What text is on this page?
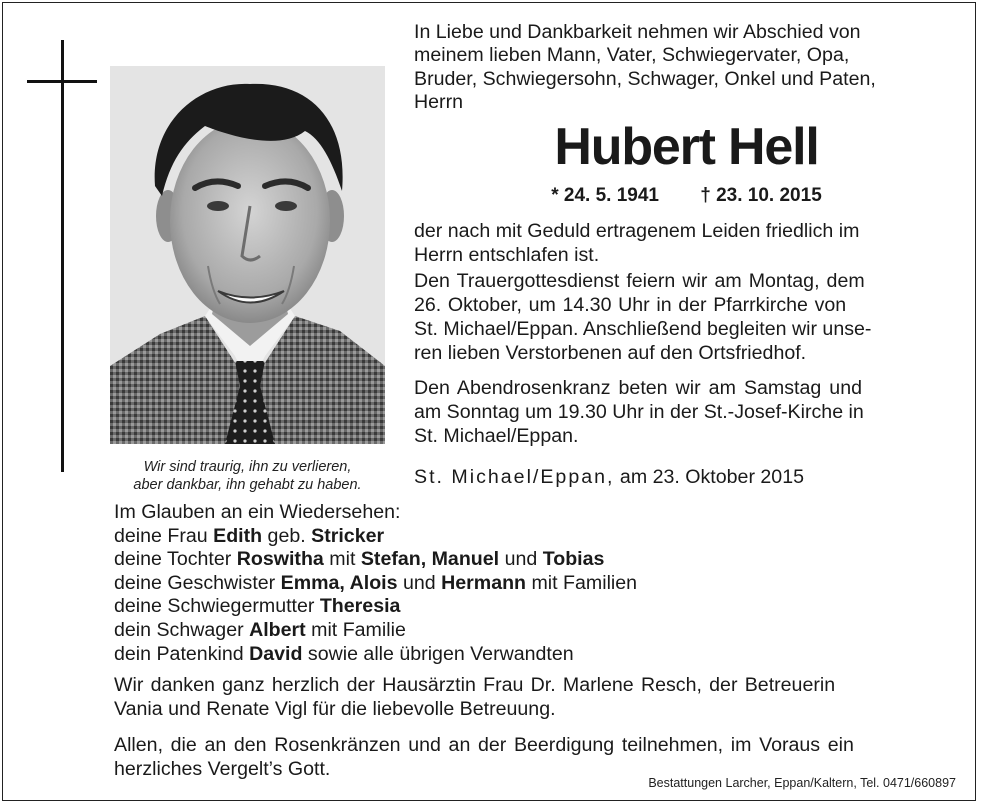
Wir sind traurig, ihn zu verlieren,
aber dankbar, ihn gehabt zu haben.
In Liebe und Dankbarkeit nehmen wir Abschied von
meinem lieben Mann, Vater, Schwiegervater, Opa,
Bruder, Schwiegersohn, Schwager, Onkel und Paten,
Herrn
Hubert Hell
* 24. 5. 1941 † 23. 10. 2015
der nach mit Geduld ertragenem Leiden friedlich im
Herrn entschlafen ist.
Den Trauergottesdienst feiern wir am Montag, dem
26. Oktober, um 14.30 Uhr in der Pfarrkirche von
St. Michael/Eppan. Anschließend begleiten wir unse-
ren lieben Verstorbenen auf den Ortsfriedhof.
Den Abendrosenkranz beten wir am Samstag und
am Sonntag um 19.30 Uhr in der St.-Josef-Kirche in
St. Michael/Eppan.
St. Michael/Eppan, am 23. Oktober 2015
Im Glauben an ein Wiedersehen:
deine Frau Edith geb. Stricker
deine Tochter Roswitha mit Stefan, Manuel und Tobias
deine Geschwister Emma, Alois und Hermann mit Familien
deine Schwiegermutter Theresia
dein Schwager Albert mit Familie
dein Patenkind David sowie alle übrigen Verwandten
Wir danken ganz herzlich der Hausärztin Frau Dr. Marlene Resch, der Betreuerin
Vania und Renate Vigl für die liebevolle Betreuung.
Allen, die an den Rosenkränzen und an der Beerdigung teilnehmen, im Voraus ein
herzliches Vergelt’s Gott.
Bestattungen Larcher, Eppan/Kaltern, Tel. 0471/660897
